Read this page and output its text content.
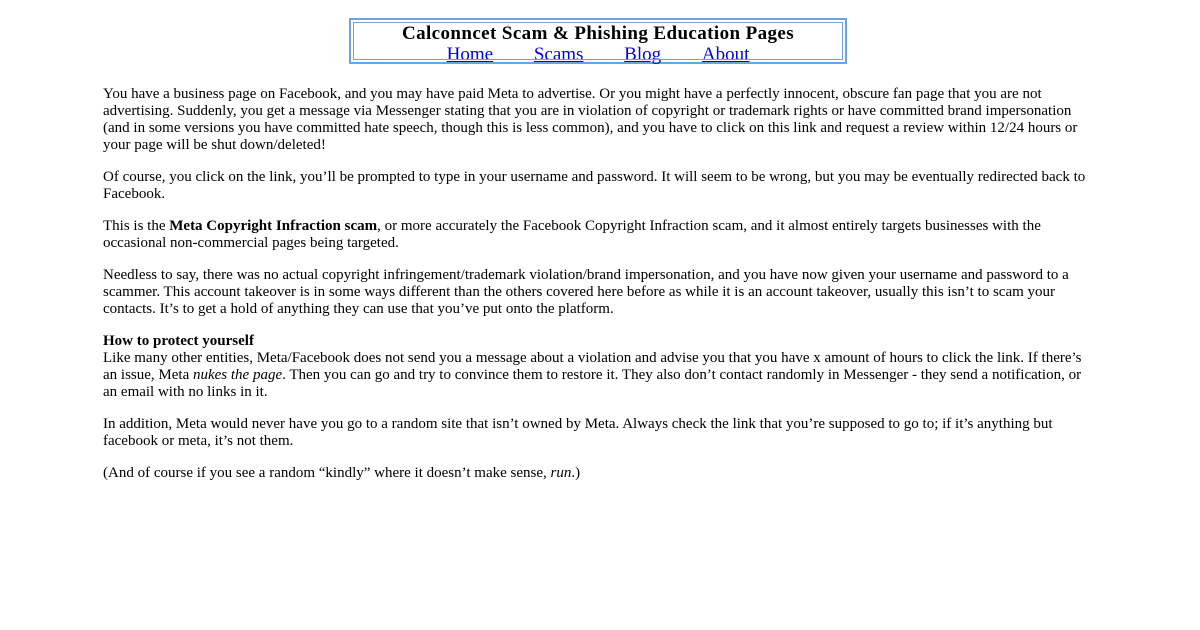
Calconncet Scam & Phishing Education Pages
Home Scams Blog About

You have a business page on Facebook, and you may have paid Meta to advertise. Or you might have a perfectly innocent, obscure fan page that you are not advertising. Suddenly, you get a message via Messenger stating that you are in violation of copyright or trademark rights or have committed brand impersonation (and in some versions you have committed hate speech, though this is less common), and you have to click on this link and request a review within 12/24 hours or your page will be shut down/deleted!

Of course, you click on the link, you’ll be prompted to type in your username and password. It will seem to be wrong, but you may be eventually redirected back to Facebook.

This is the Meta Copyright Infraction scam, or more accurately the Facebook Copyright Infraction scam, and it almost entirely targets businesses with the occasional non-commercial pages being targeted.

Needless to say, there was no actual copyright infringement/trademark violation/brand impersonation, and you have now given your username and password to a scammer. This account takeover is in some ways different than the others covered here before as while it is an account takeover, usually this isn’t to scam your contacts. It’s to get a hold of anything they can use that you’ve put onto the platform.

How to protect yourself
Like many other entities, Meta/Facebook does not send you a message about a violation and advise you that you have x amount of hours to click the link. If there’s an issue, Meta nukes the page. Then you can go and try to convince them to restore it. They also don’t contact randomly in Messenger - they send a notification, or an email with no links in it.

In addition, Meta would never have you go to a random site that isn’t owned by Meta. Always check the link that you’re supposed to go to; if it’s anything but facebook or meta, it’s not them.

(And of course if you see a random “kindly” where it doesn’t make sense, run.)
